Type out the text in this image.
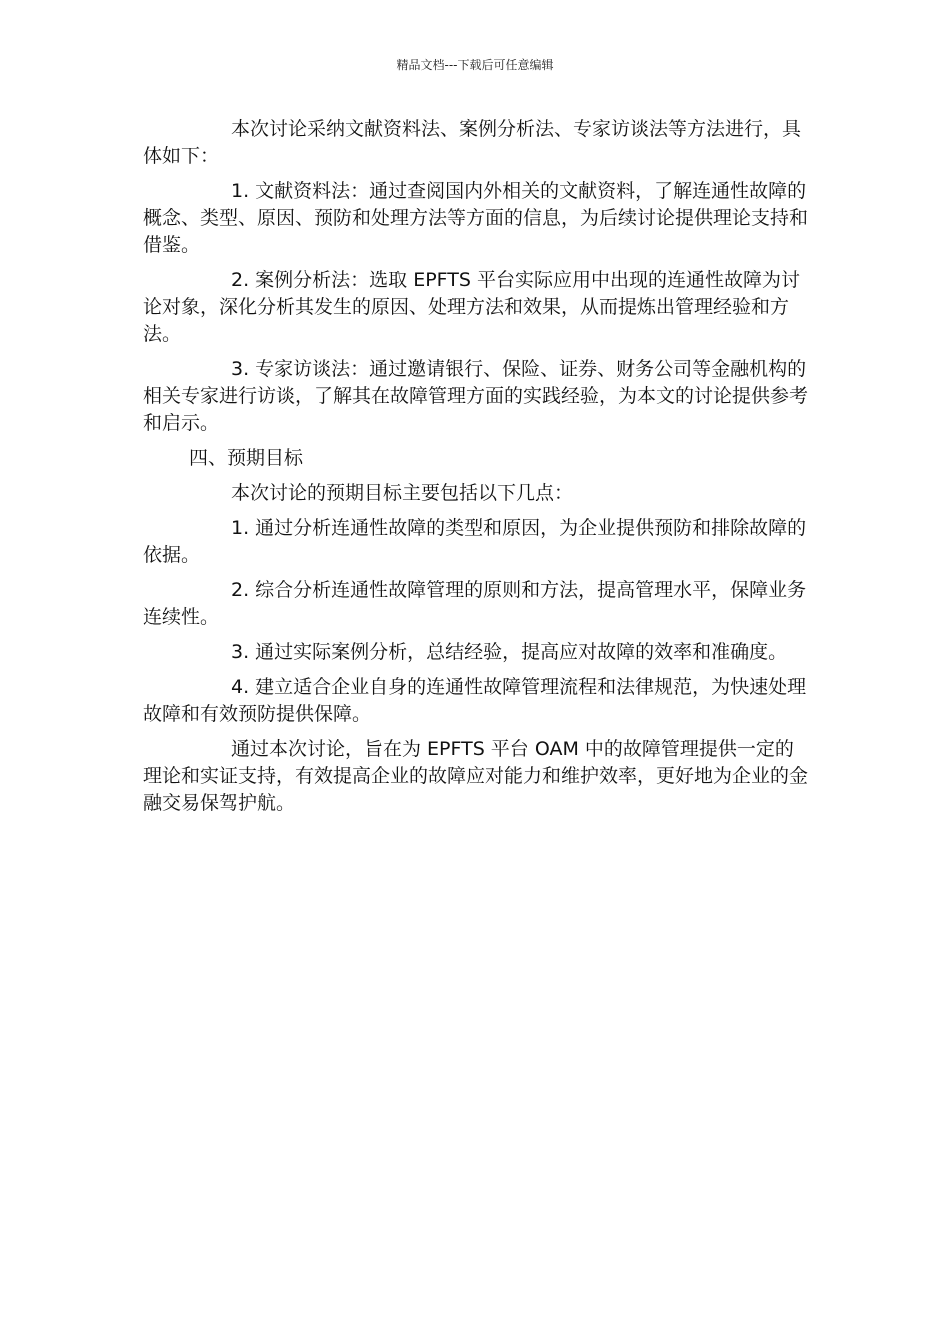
精品文档---下载后可任意编辑

本次讨论采纳文献资料法、案例分析法、专家访谈法等方法进行，具体如下：

1. 文献资料法：通过查阅国内外相关的文献资料，了解连通性故障的概念、类型、原因、预防和处理方法等方面的信息，为后续讨论提供理论支持和借鉴。

2. 案例分析法：选取 EPFTS 平台实际应用中出现的连通性故障为讨论对象，深化分析其发生的原因、处理方法和效果，从而提炼出管理经验和方法。

3. 专家访谈法：通过邀请银行、保险、证券、财务公司等金融机构的相关专家进行访谈，了解其在故障管理方面的实践经验，为本文的讨论提供参考和启示。

四、预期目标

本次讨论的预期目标主要包括以下几点：

1. 通过分析连通性故障的类型和原因，为企业提供预防和排除故障的依据。

2. 综合分析连通性故障管理的原则和方法，提高管理水平，保障业务连续性。

3. 通过实际案例分析，总结经验，提高应对故障的效率和准确度。

4. 建立适合企业自身的连通性故障管理流程和法律规范，为快速处理故障和有效预防提供保障。

通过本次讨论，旨在为 EPFTS 平台 OAM 中的故障管理提供一定的理论和实证支持，有效提高企业的故障应对能力和维护效率，更好地为企业的金融交易保驾护航。
